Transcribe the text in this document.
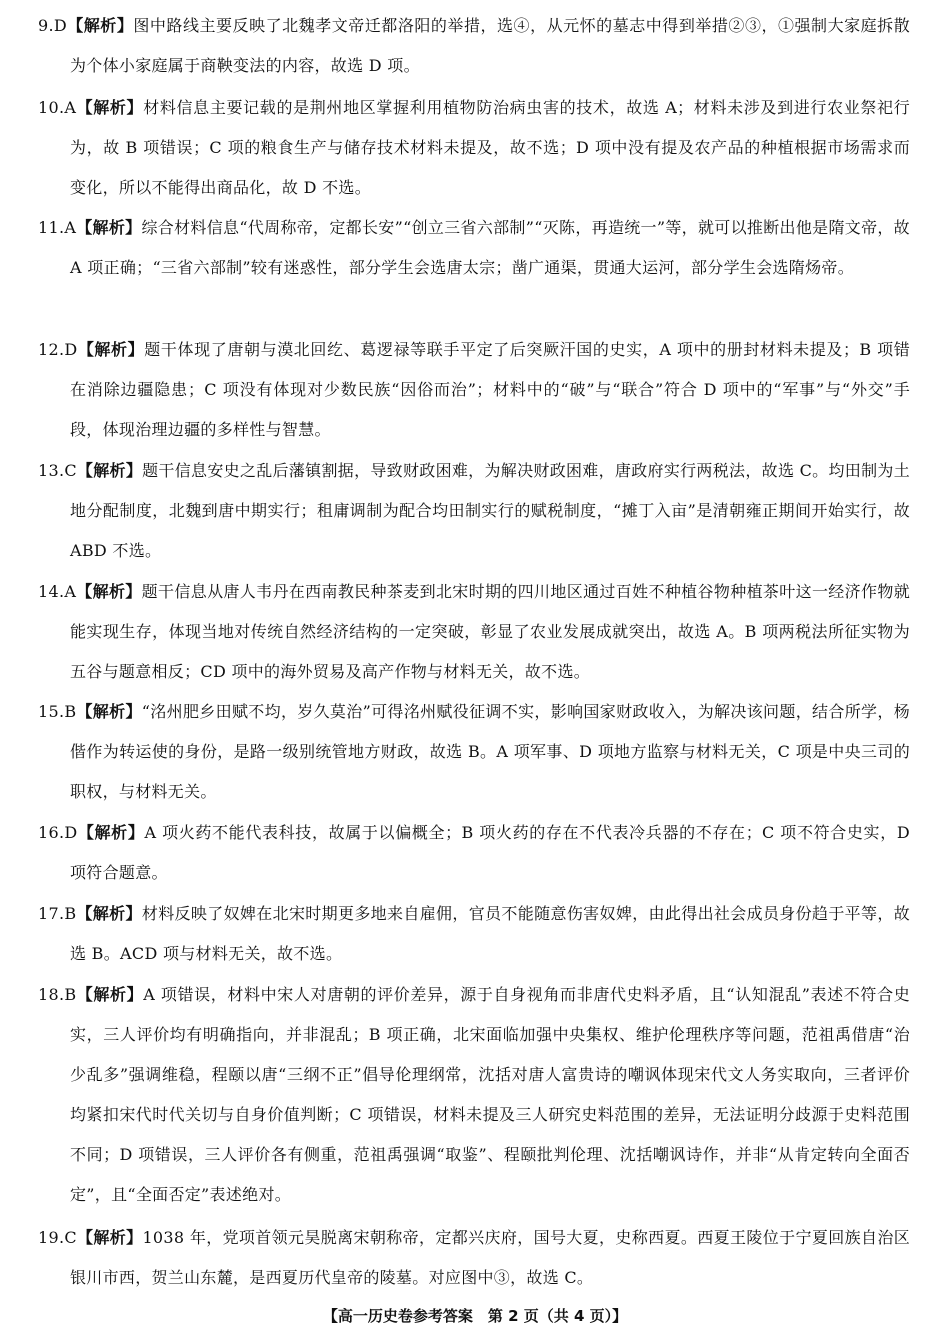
9.D【解析】图中路线主要反映了北魏孝文帝迁都洛阳的举措，选④，从元怀的墓志中得到举措②③，①强制大家庭拆散为个体小家庭属于商鞅变法的内容，故选 D 项。

10.A【解析】材料信息主要记载的是荆州地区掌握利用植物防治病虫害的技术，故选 A；材料未涉及到进行农业祭祀行为，故 B 项错误；C 项的粮食生产与储存技术材料未提及，故不选；D 项中没有提及农产品的种植根据市场需求而变化，所以不能得出商品化，故 D 不选。

11.A【解析】综合材料信息“代周称帝，定都长安”“创立三省六部制”“灭陈，再造统一”等，就可以推断出他是隋文帝，故 A 项正确；“三省六部制”较有迷惑性，部分学生会选唐太宗；凿广通渠，贯通大运河，部分学生会选隋炀帝。

12.D【解析】题干体现了唐朝与漠北回纥、葛逻禄等联手平定了后突厥汗国的史实，A 项中的册封材料未提及；B 项错在消除边疆隐患；C 项没有体现对少数民族“因俗而治”；材料中的“破”与“联合”符合 D 项中的“军事”与“外交”手段，体现治理边疆的多样性与智慧。

13.C【解析】题干信息安史之乱后藩镇割据，导致财政困难，为解决财政困难，唐政府实行两税法，故选 C。均田制为土地分配制度，北魏到唐中期实行；租庸调制为配合均田制实行的赋税制度，“摊丁入亩”是清朝雍正期间开始实行，故 ABD 不选。

14.A【解析】题干信息从唐人韦丹在西南教民种茶麦到北宋时期的四川地区通过百姓不种植谷物种植茶叶这一经济作物就能实现生存，体现当地对传统自然经济结构的一定突破，彰显了农业发展成就突出，故选 A。B 项两税法所征实物为五谷与题意相反；CD 项中的海外贸易及高产作物与材料无关，故不选。

15.B【解析】“洺州肥乡田赋不均，岁久莫治”可得洺州赋役征调不实，影响国家财政收入，为解决该问题，结合所学，杨偕作为转运使的身份，是路一级别统管地方财政，故选 B。A 项军事、D 项地方监察与材料无关，C 项是中央三司的职权，与材料无关。

16.D【解析】A 项火药不能代表科技，故属于以偏概全；B 项火药的存在不代表冷兵器的不存在；C 项不符合史实，D 项符合题意。

17.B【解析】材料反映了奴婢在北宋时期更多地来自雇佣，官员不能随意伤害奴婢，由此得出社会成员身份趋于平等，故选 B。ACD 项与材料无关，故不选。

18.B【解析】A 项错误，材料中宋人对唐朝的评价差异，源于自身视角而非唐代史料矛盾，且“认知混乱”表述不符合史实，三人评价均有明确指向，并非混乱；B 项正确，北宋面临加强中央集权、维护伦理秩序等问题，范祖禹借唐“治少乱多”强调维稳，程颐以唐“三纲不正”倡导伦理纲常，沈括对唐人富贵诗的嘲讽体现宋代文人务实取向，三者评价均紧扣宋代时代关切与自身价值判断；C 项错误，材料未提及三人研究史料范围的差异，无法证明分歧源于史料范围不同；D 项错误，三人评价各有侧重，范祖禹强调“取鉴”、程颐批判伦理、沈括嘲讽诗作，并非“从肯定转向全面否定”，且“全面否定”表述绝对。

19.C【解析】1038 年，党项首领元昊脱离宋朝称帝，定都兴庆府，国号大夏，史称西夏。西夏王陵位于宁夏回族自治区银川市西，贺兰山东麓，是西夏历代皇帝的陵墓。对应图中③，故选 C。

【高一历史卷参考答案　第 2 页（共 4 页）】
